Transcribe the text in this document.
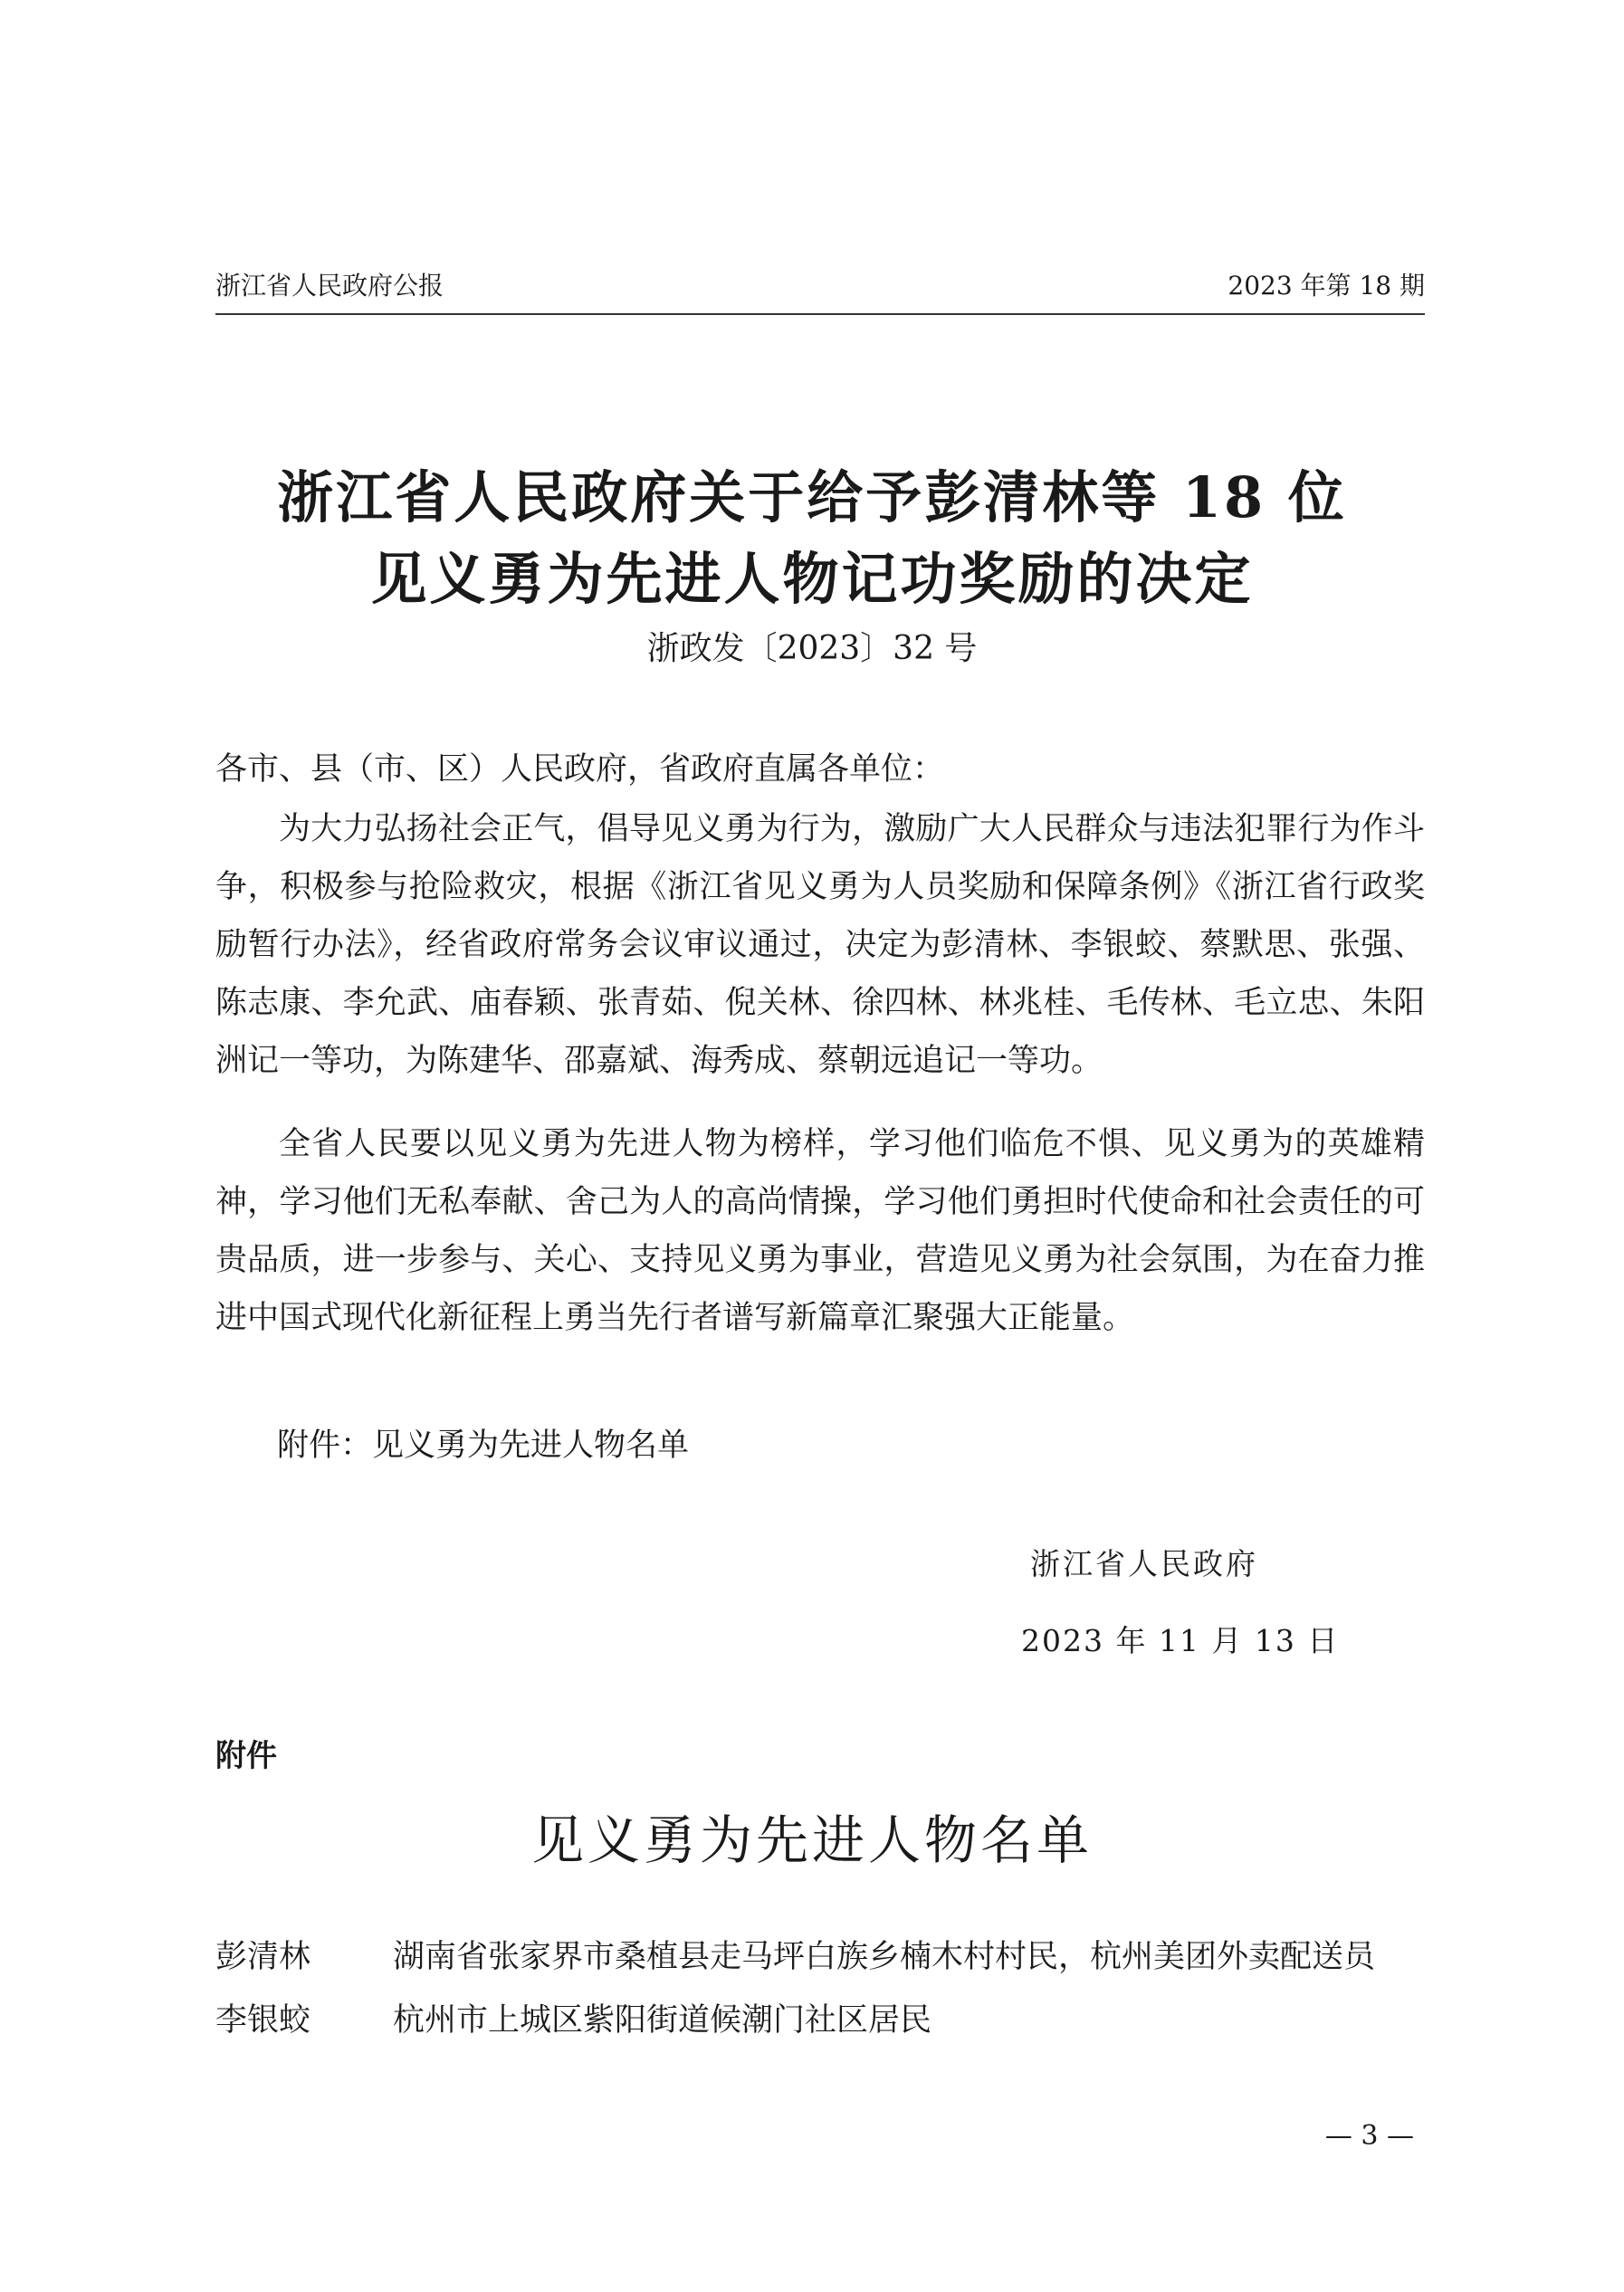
浙江省人民政府公报	2023 年第 18 期
浙江省人民政府关于给予彭清林等 18 位
见义勇为先进人物记功奖励的决定
浙政发〔2023〕32 号

各市、县（市、区）人民政府，省政府直属各单位：

为大力弘扬社会正气，倡导见义勇为行为，激励广大人民群众与违法犯罪行为作斗争，积极参与抢险救灾，根据《浙江省见义勇为人员奖励和保障条例》《浙江省行政奖励暂行办法》，经省政府常务会议审议通过，决定为彭清林、李银蛟、蔡默思、张强、陈志康、李允武、庙春颖、张青茹、倪关林、徐四林、林兆桂、毛传林、毛立忠、朱阳洲记一等功，为陈建华、邵嘉斌、海秀成、蔡朝远追记一等功。

全省人民要以见义勇为先进人物为榜样，学习他们临危不惧、见义勇为的英雄精神，学习他们无私奉献、舍己为人的高尚情操，学习他们勇担时代使命和社会责任的可贵品质，进一步参与、关心、支持见义勇为事业，营造见义勇为社会氛围，为在奋力推进中国式现代化新征程上勇当先行者谱写新篇章汇聚强大正能量。

附件：见义勇为先进人物名单
浙江省人民政府
2023 年 11 月 13 日
附件
见义勇为先进人物名单
彭清林	湖南省张家界市桑植县走马坪白族乡楠木村村民，杭州美团外卖配送员
李银蛟	杭州市上城区紫阳街道候潮门社区居民
— 3 —
